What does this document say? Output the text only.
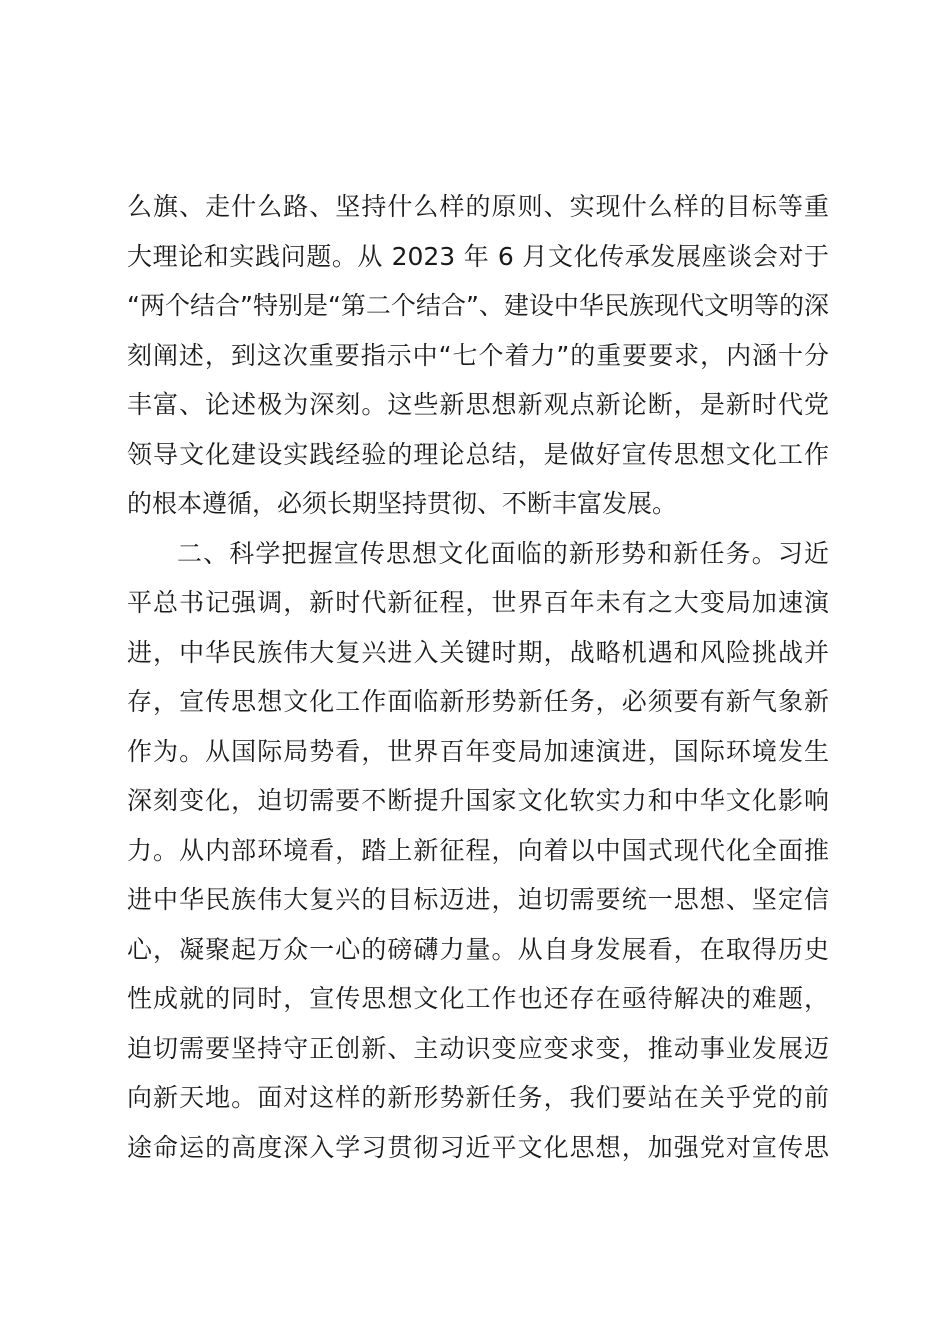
么旗、走什么路、坚持什么样的原则、实现什么样的目标等重
大理论和实践问题。从 2023 年 6 月文化传承发展座谈会对于
“两个结合”特别是“第二个结合”、建设中华民族现代文明等的深
刻阐述，到这次重要指示中“七个着力”的重要要求，内涵十分
丰富、论述极为深刻。这些新思想新观点新论断，是新时代党
领导文化建设实践经验的理论总结，是做好宣传思想文化工作
的根本遵循，必须长期坚持贯彻、不断丰富发展。

二、科学把握宣传思想文化面临的新形势和新任务。习近
平总书记强调，新时代新征程，世界百年未有之大变局加速演
进，中华民族伟大复兴进入关键时期，战略机遇和风险挑战并
存，宣传思想文化工作面临新形势新任务，必须要有新气象新
作为。从国际局势看，世界百年变局加速演进，国际环境发生
深刻变化，迫切需要不断提升国家文化软实力和中华文化影响
力。从内部环境看，踏上新征程，向着以中国式现代化全面推
进中华民族伟大复兴的目标迈进，迫切需要统一思想、坚定信
心，凝聚起万众一心的磅礴力量。从自身发展看，在取得历史
性成就的同时，宣传思想文化工作也还存在亟待解决的难题，
迫切需要坚持守正创新、主动识变应变求变，推动事业发展迈
向新天地。面对这样的新形势新任务，我们要站在关乎党的前
途命运的高度深入学习贯彻习近平文化思想，加强党对宣传思
